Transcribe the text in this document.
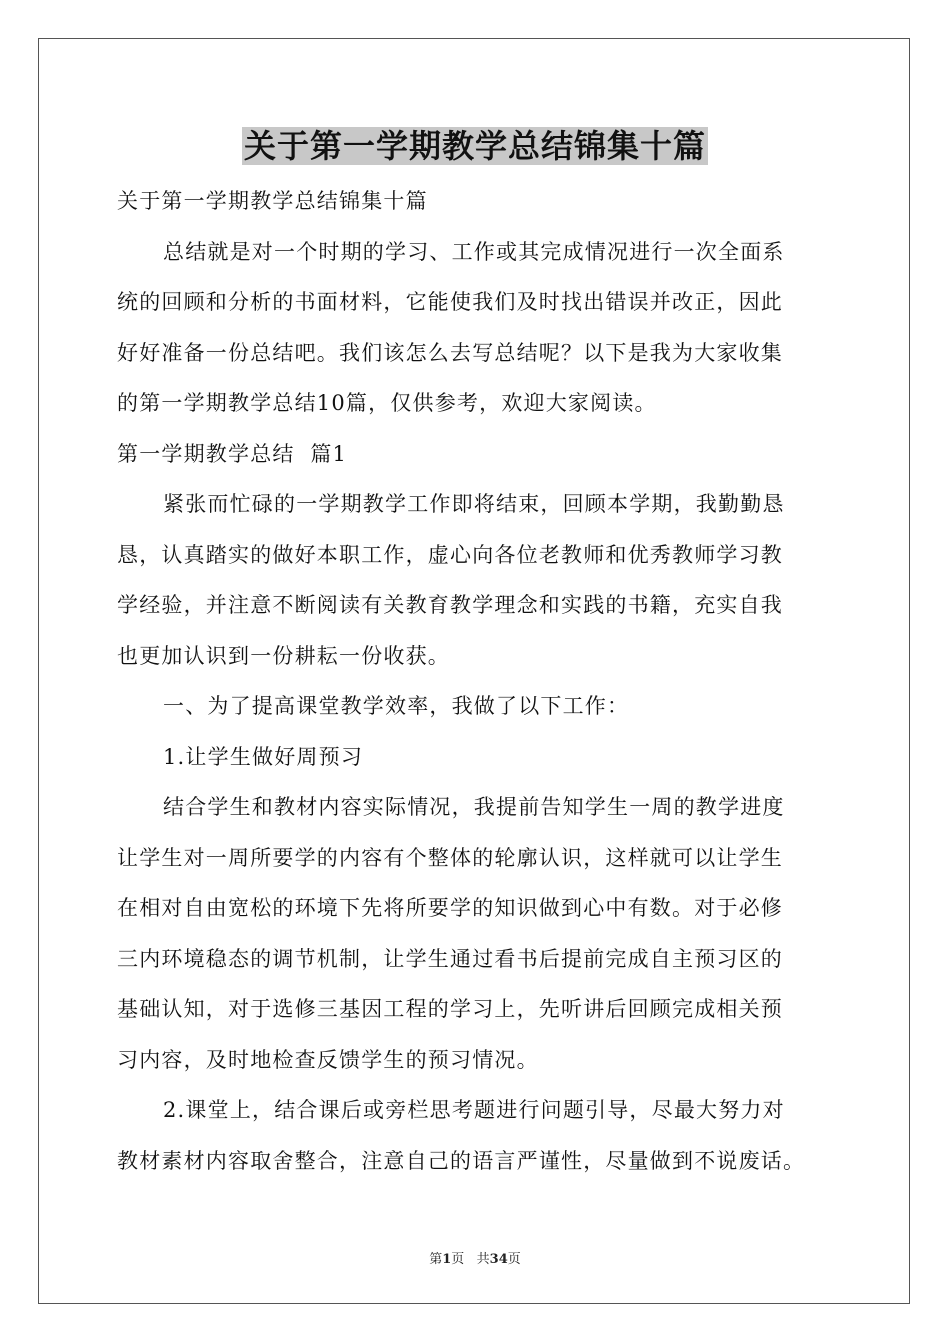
关于第一学期教学总结锦集十篇
关于第一学期教学总结锦集十篇
总结就是对一个时期的学习、工作或其完成情况进行一次全面系
统的回顾和分析的书面材料，它能使我们及时找出错误并改正，因此
好好准备一份总结吧。我们该怎么去写总结呢？以下是我为大家收集
的第一学期教学总结10篇，仅供参考，欢迎大家阅读。
第一学期教学总结  篇1
紧张而忙碌的一学期教学工作即将结束，回顾本学期，我勤勤恳
恳，认真踏实的做好本职工作，虚心向各位老教师和优秀教师学习教
学经验，并注意不断阅读有关教育教学理念和实践的书籍，充实自我
也更加认识到一份耕耘一份收获。
一、为了提高课堂教学效率，我做了以下工作：
1.让学生做好周预习
结合学生和教材内容实际情况，我提前告知学生一周的教学进度
让学生对一周所要学的内容有个整体的轮廓认识，这样就可以让学生
在相对自由宽松的环境下先将所要学的知识做到心中有数。对于必修
三内环境稳态的调节机制，让学生通过看书后提前完成自主预习区的
基础认知，对于选修三基因工程的学习上，先听讲后回顾完成相关预
习内容，及时地检查反馈学生的预习情况。
2.课堂上，结合课后或旁栏思考题进行问题引导，尽最大努力对
教材素材内容取舍整合，注意自己的语言严谨性，尽量做到不说废话。
第1页   共34页
